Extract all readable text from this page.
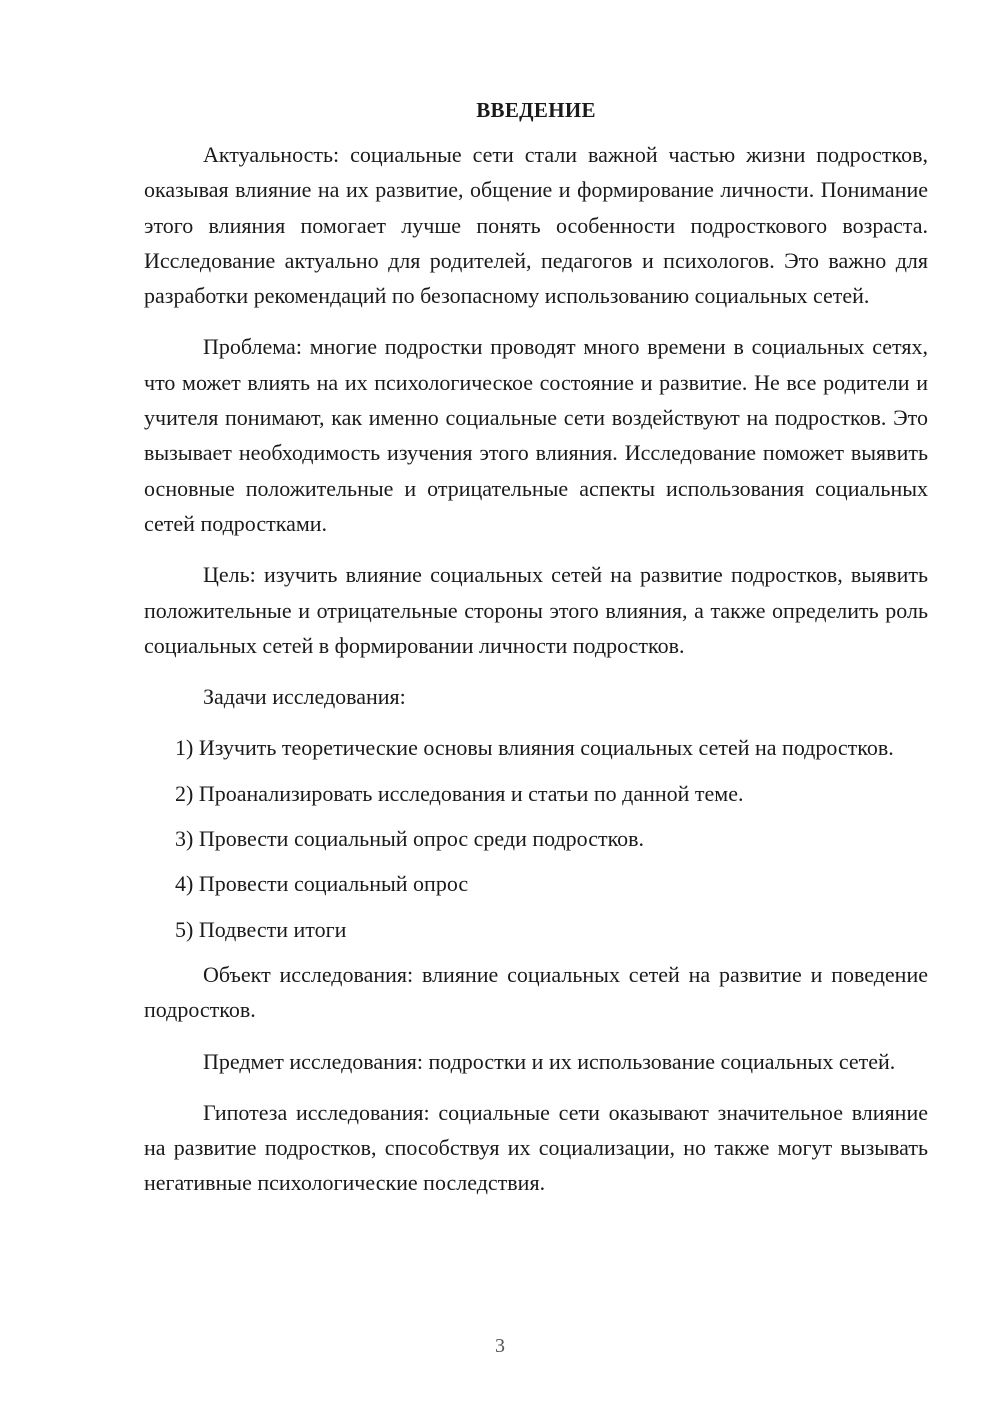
ВВЕДЕНИЕ

Актуальность: социальные сети стали важной частью жизни подростков, оказывая влияние на их развитие, общение и формирование личности. Понимание этого влияния помогает лучше понять особенности подросткового возраста. Исследование актуально для родителей, педагогов и психологов. Это важно для разработки рекомендаций по безопасному использованию социальных сетей.

Проблема: многие подростки проводят много времени в социальных сетях, что может влиять на их психологическое состояние и развитие. Не все родители и учителя понимают, как именно социальные сети воздействуют на подростков. Это вызывает необходимость изучения этого влияния. Исследование поможет выявить основные положительные и отрицательные аспекты использования социальных сетей подростками.

Цель: изучить влияние социальных сетей на развитие подростков, выявить положительные и отрицательные стороны этого влияния, а также определить роль социальных сетей в формировании личности подростков.

Задачи исследования:

1) Изучить теоретические основы влияния социальных сетей на подростков.

2) Проанализировать исследования и статьи по данной теме.

3) Провести социальный опрос среди подростков.

4) Провести социальный опрос

5) Подвести итоги

Объект исследования: влияние социальных сетей на развитие и поведение подростков.

Предмет исследования: подростки и их использование социальных сетей.

Гипотеза исследования: социальные сети оказывают значительное влияние на развитие подростков, способствуя их социализации, но также могут вызывать негативные психологические последствия.

3
